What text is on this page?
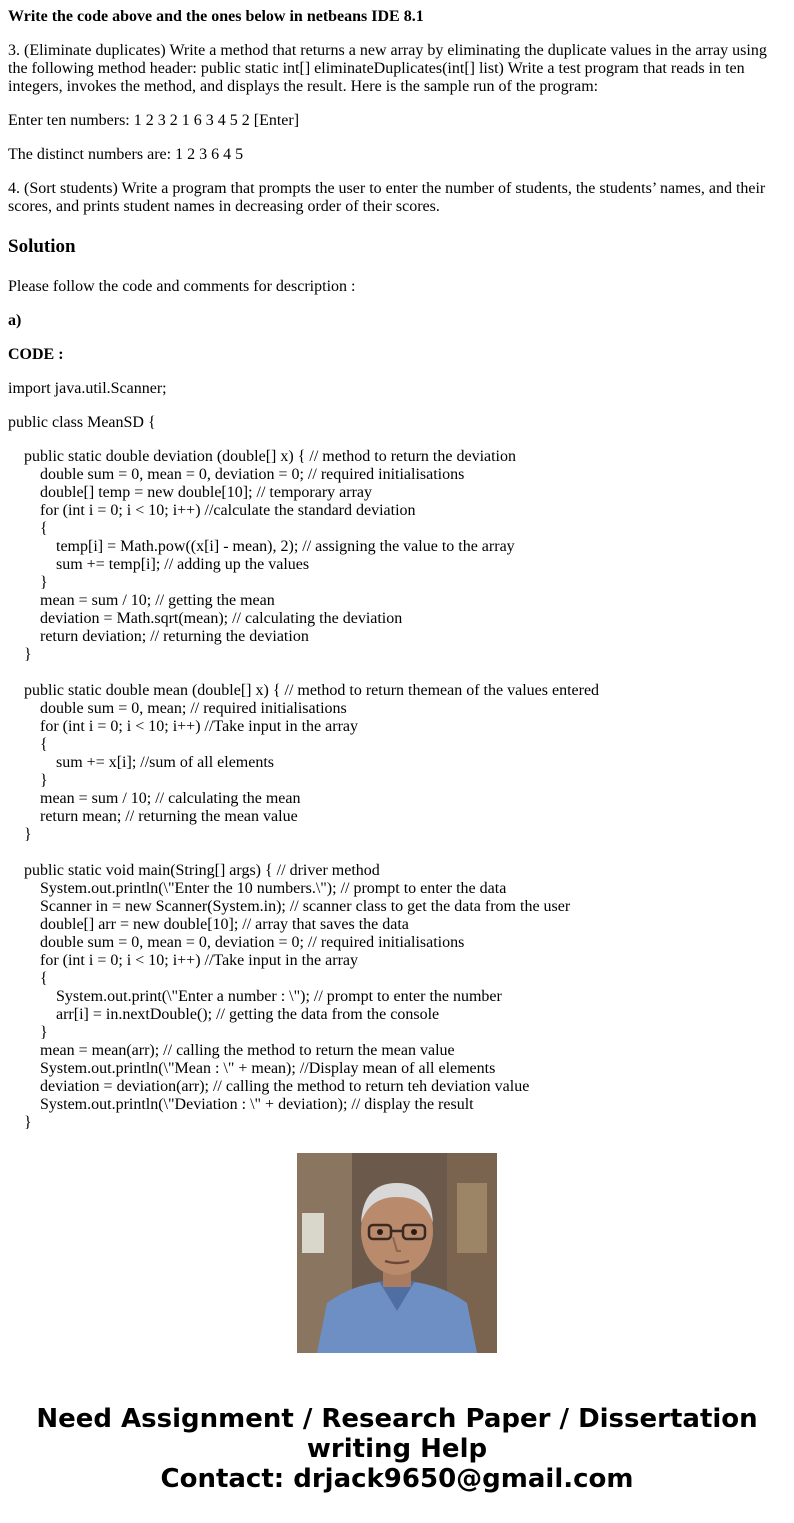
Write the code above and the ones below in netbeans IDE 8.1

3. (Eliminate duplicates) Write a method that returns a new array by eliminating the duplicate values in the array using the following method header: public static int[] eliminateDuplicates(int[] list) Write a test program that reads in ten integers, invokes the method, and displays the result. Here is the sample run of the program:

Enter ten numbers: 1 2 3 2 1 6 3 4 5 2 [Enter]

The distinct numbers are: 1 2 3 6 4 5

4. (Sort students) Write a program that prompts the user to enter the number of students, the students’ names, and their scores, and prints student names in decreasing order of their scores.

Solution

Please follow the code and comments for description :

a)

CODE :

import java.util.Scanner;

public class MeanSD {

public static double deviation (double[] x) { // method to return the deviation
double sum = 0, mean = 0, deviation = 0; // required initialisations
double[] temp = new double[10]; // temporary array
for (int i = 0; i < 10; i++) //calculate the standard deviation
{
temp[i] = Math.pow((x[i] - mean), 2); // assigning the value to the array
sum += temp[i]; // adding up the values
}
mean = sum / 10; // getting the mean
deviation = Math.sqrt(mean); // calculating the deviation
return deviation; // returning the deviation
}
public static double mean (double[] x) { // method to return themean of the values entered
double sum = 0, mean; // required initialisations
for (int i = 0; i < 10; i++) //Take input in the array
{
sum += x[i]; //sum of all elements
}
mean = sum / 10; // calculating the mean
return mean; // returning the mean value
}
public static void main(String[] args) { // driver method
System.out.println(\"Enter the 10 numbers.\"); // prompt to enter the data
Scanner in = new Scanner(System.in); // scanner class to get the data from the user
double[] arr = new double[10]; // array that saves the data
double sum = 0, mean = 0, deviation = 0; // required initialisations
for (int i = 0; i < 10; i++) //Take input in the array
{
System.out.print(\"Enter a number : \"); // prompt to enter the number
arr[i] = in.nextDouble(); // getting the data from the console
}
mean = mean(arr); // calling the method to return the mean value
System.out.println(\"Mean : \" + mean); //Display mean of all elements
deviation = deviation(arr); // calling the method to return teh deviation value
System.out.println(\"Deviation : \" + deviation); // display the result
}
Need Assignment / Research Paper / Dissertation
writing Help
Contact: drjack9650@gmail.com
